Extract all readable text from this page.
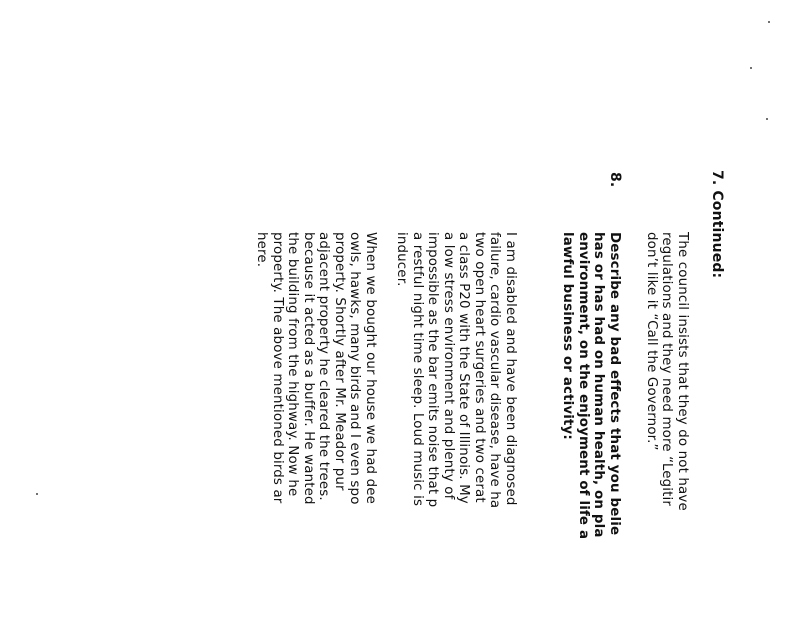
7. Continued:
The council insists that they do not have
regulations and they need more “Legitir
don’t like it “Call the Governor.”
8.
Describe any bad effects that you belie
has or has had on human health, on pla
environment, on the enjoyment of life a
lawful business or activity:
I am disabled and have been diagnosed
failure, cardio vascular disease, have ha
two open heart surgeries and two cerat
a class P20 with the State of Illinois. My
a low stress environment and plenty of
impossible as the bar emits noise that p
a restful night time sleep. Loud music is
inducer.
When we bought our house we had dee
owls, hawks, many birds and I even spo
property. Shortly after Mr. Meador pur
adjacent property he cleared the trees.
because it acted as a buffer. He wanted
the building from the highway. Now he
property. The above mentioned birds ar
here.
